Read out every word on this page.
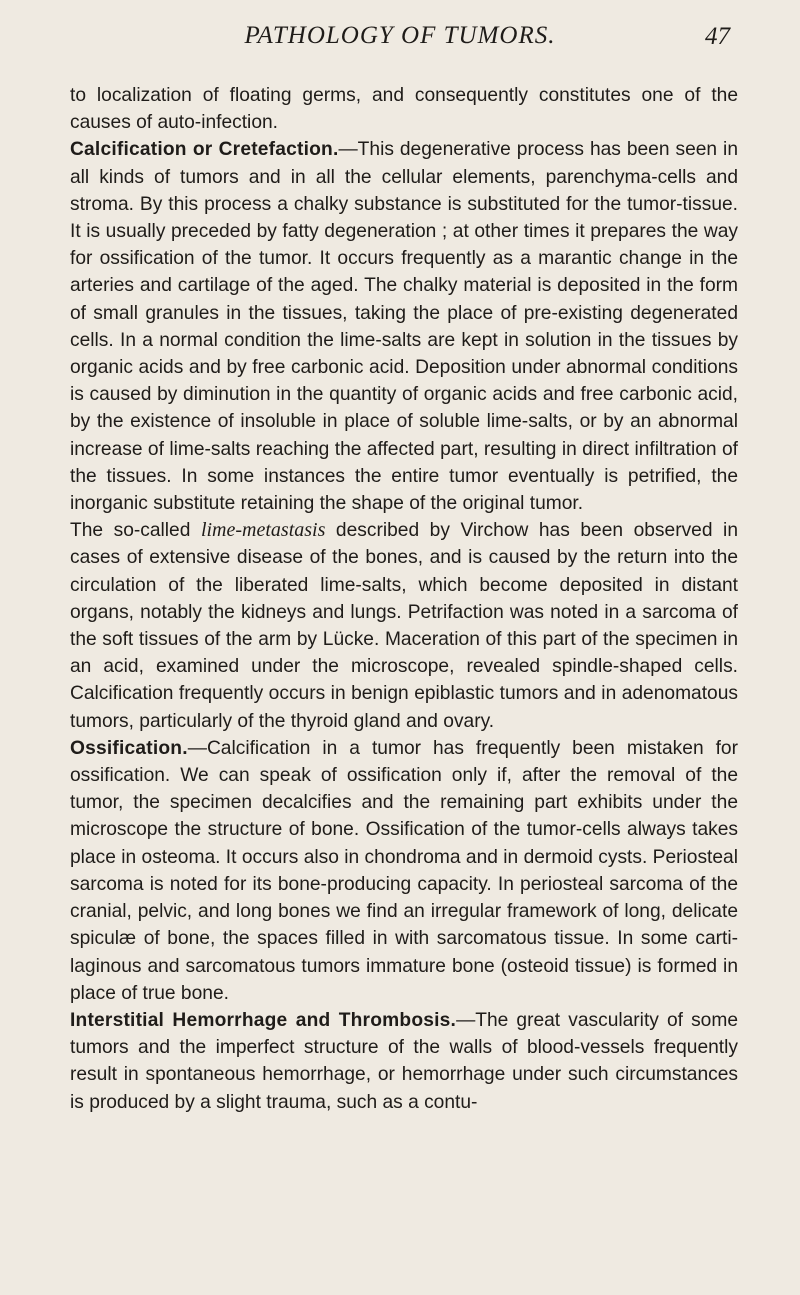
PATHOLOGY OF TUMORS.	47

to localization of floating germs, and consequently constitutes one of the causes of auto-infection.

Calcification or Cretefaction.—This degenerative process has been seen in all kinds of tumors and in all the cellular elements, parenchyma-cells and stroma. By this process a chalky substance is substituted for the tumor-tissue. It is usually preceded by fatty degeneration ; at other times it prepares the way for ossification of the tumor. It occurs frequently as a marantic change in the arteries and cartilage of the aged. The chalky material is deposited in the form of small granules in the tissues, taking the place of pre-existing degenerated cells. In a normal condition the lime-salts are kept in solution in the tissues by organic acids and by free carbonic acid. Deposition under abnormal conditions is caused by diminution in the quantity of organic acids and free carbonic acid, by the existence of insoluble in place of soluble lime-salts, or by an abnormal increase of lime-salts reaching the affected part, resulting in direct infiltration of the tissues. In some instances the entire tumor eventually is petrified, the inorganic substitute retaining the shape of the original tumor.

The so-called lime-metastasis described by Virchow has been observed in cases of extensive disease of the bones, and is caused by the return into the circulation of the liberated lime-salts, which become deposited in distant organs, notably the kidneys and lungs. Petrifaction was noted in a sarcoma of the soft tissues of the arm by Lücke. Maceration of this part of the specimen in an acid, examined under the microscope, revealed spindle-shaped cells. Calcification frequently occurs in benign epiblastic tumors and in adenomatous tumors, particularly of the thyroid gland and ovary.

Ossification.—Calcification in a tumor has frequently been mistaken for ossification. We can speak of ossification only if, after the removal of the tumor, the specimen decalcifies and the remaining part exhibits under the microscope the structure of bone. Ossification of the tumor-cells always takes place in osteoma. It occurs also in chondroma and in dermoid cysts. Periosteal sarcoma is noted for its bone-producing capacity. In periosteal sarcoma of the cranial, pelvic, and long bones we find an irregular framework of long, delicate spiculæ of bone, the spaces filled in with sarcomatous tissue. In some cartilaginous and sarcomatous tumors immature bone (osteoid tissue) is formed in place of true bone.

Interstitial Hemorrhage and Thrombosis.—The great vascularity of some tumors and the imperfect structure of the walls of blood-vessels frequently result in spontaneous hemorrhage, or hemorrhage under such circumstances is produced by a slight trauma, such as a contu-
